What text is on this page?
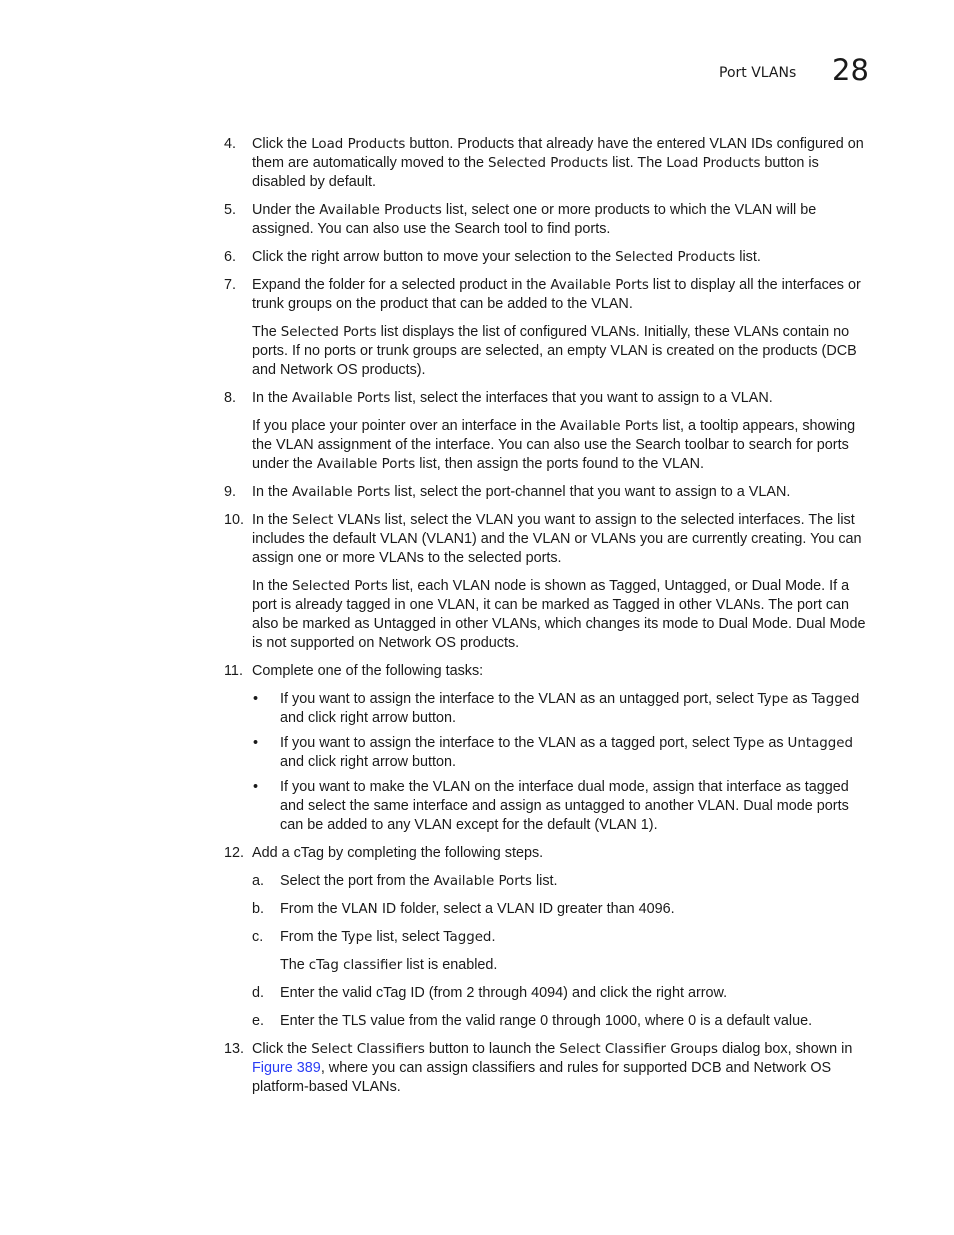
Port VLANs 28
4. Click the Load Products button. Products that already have the entered VLAN IDs configured on them are automatically moved to the Selected Products list. The Load Products button is disabled by default.
5. Under the Available Products list, select one or more products to which the VLAN will be assigned. You can also use the Search tool to find ports.
6. Click the right arrow button to move your selection to the Selected Products list.
7. Expand the folder for a selected product in the Available Ports list to display all the interfaces or trunk groups on the product that can be added to the VLAN.
The Selected Ports list displays the list of configured VLANs. Initially, these VLANs contain no ports. If no ports or trunk groups are selected, an empty VLAN is created on the products (DCB and Network OS products).
8. In the Available Ports list, select the interfaces that you want to assign to a VLAN.
If you place your pointer over an interface in the Available Ports list, a tooltip appears, showing the VLAN assignment of the interface. You can also use the Search toolbar to search for ports under the Available Ports list, then assign the ports found to the VLAN.
9. In the Available Ports list, select the port-channel that you want to assign to a VLAN.
10. In the Select VLANs list, select the VLAN you want to assign to the selected interfaces. The list includes the default VLAN (VLAN1) and the VLAN or VLANs you are currently creating. You can assign one or more VLANs to the selected ports.
In the Selected Ports list, each VLAN node is shown as Tagged, Untagged, or Dual Mode. If a port is already tagged in one VLAN, it can be marked as Tagged in other VLANs. The port can also be marked as Untagged in other VLANs, which changes its mode to Dual Mode. Dual Mode is not supported on Network OS products.
11. Complete one of the following tasks:
• If you want to assign the interface to the VLAN as an untagged port, select Type as Tagged and click right arrow button.
• If you want to assign the interface to the VLAN as a tagged port, select Type as Untagged and click right arrow button.
• If you want to make the VLAN on the interface dual mode, assign that interface as tagged and select the same interface and assign as untagged to another VLAN. Dual mode ports can be added to any VLAN except for the default (VLAN 1).
12. Add a cTag by completing the following steps.
a. Select the port from the Available Ports list.
b. From the VLAN ID folder, select a VLAN ID greater than 4096.
c. From the Type list, select Tagged.
The cTag classifier list is enabled.
d. Enter the valid cTag ID (from 2 through 4094) and click the right arrow.
e. Enter the TLS value from the valid range 0 through 1000, where 0 is a default value.
13. Click the Select Classifiers button to launch the Select Classifier Groups dialog box, shown in Figure 389, where you can assign classifiers and rules for supported DCB and Network OS platform-based VLANs.
